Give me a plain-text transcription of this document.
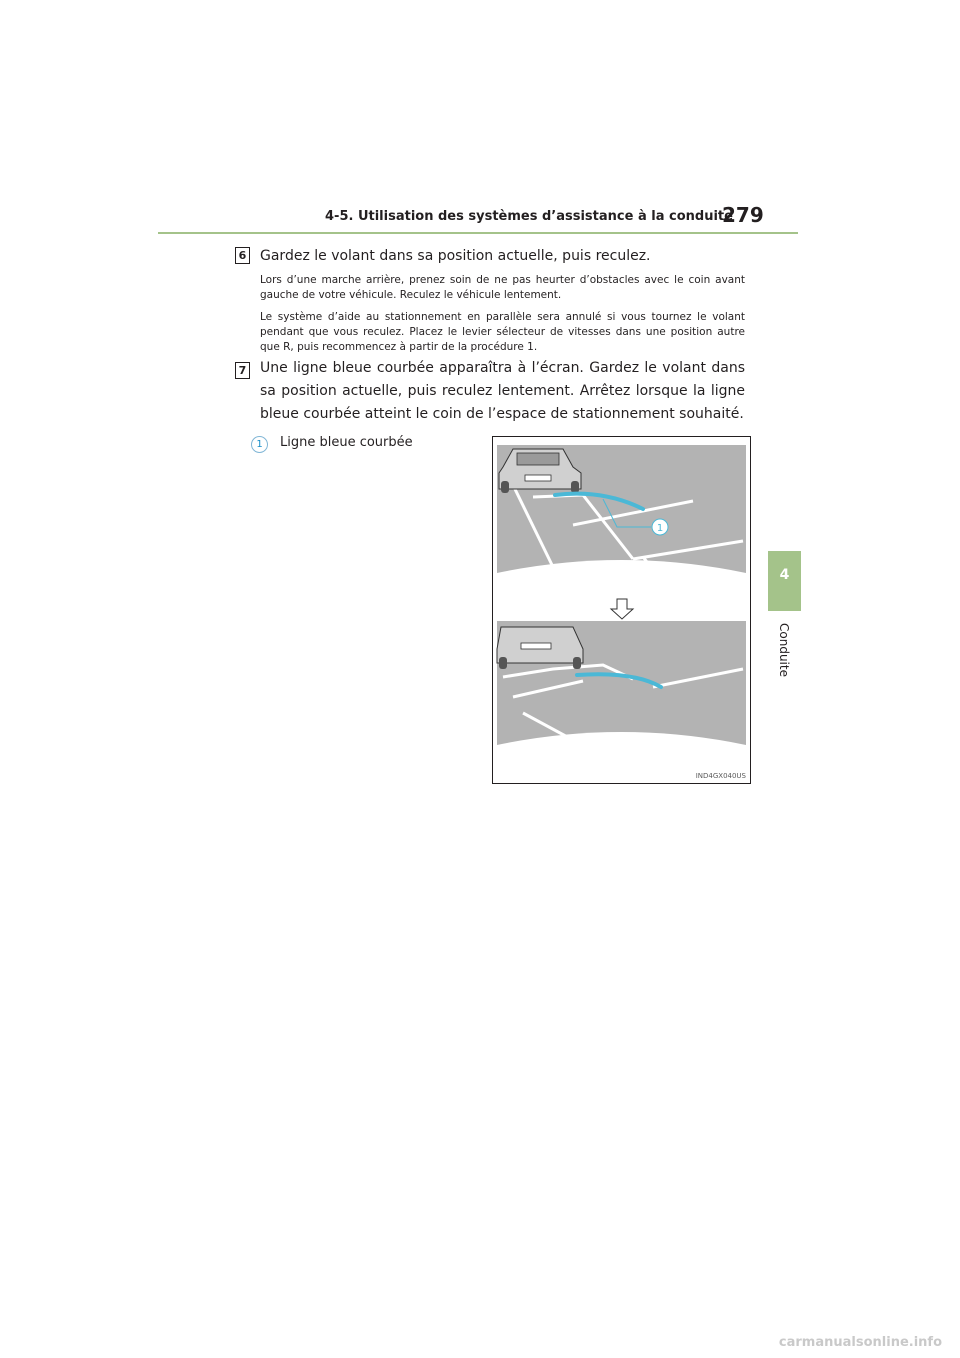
4-5. Utilisation des systèmes d’assistance à la conduite
279
6 Gardez le volant dans sa position actuelle, puis reculez.
Lors d’une marche arrière, prenez soin de ne pas heurter d’obstacles avec le coin avant gauche de votre véhicule. Reculez le véhicule lentement.
Le système d’aide au stationnement en parallèle sera annulé si vous tournez le volant pendant que vous reculez. Placez le levier sélecteur de vitesses dans une position autre que R, puis recommencez à partir de la procédure 1.
7 Une ligne bleue courbée apparaîtra à l’écran. Gardez le volant dans sa position actuelle, puis reculez lentement. Arrêtez lorsque la ligne bleue courbée atteint le coin de l’espace de stationnement souhaité.
1	Ligne bleue courbée
1
IND4GX040US
4
Conduite
carmanualsonline.info
